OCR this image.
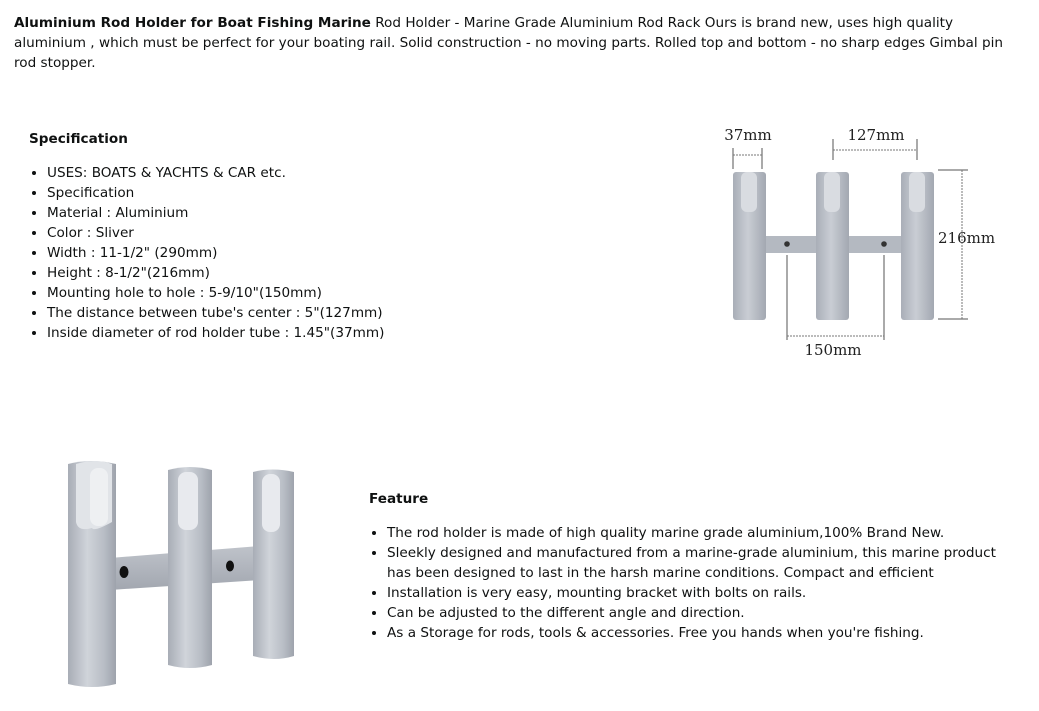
Aluminium Rod Holder for Boat Fishing Marine Rod Holder - Marine Grade Aluminium Rod Rack Ours is brand new, uses high quality aluminium , which must be perfect for your boating rail. Solid construction - no moving parts. Rolled top and bottom - no sharp edges Gimbal pin rod stopper.
Specification
• USES: BOATS & YACHTS & CAR etc.
• Specification
• Material : Aluminium
• Color : Sliver
• Width : 11-1/2" (290mm)
• Height : 8-1/2"(216mm)
• Mounting hole to hole : 5-9/10"(150mm)
• The distance between tube's center : 5"(127mm)
• Inside diameter of rod holder tube : 1.45"(37mm)
37mm	127mm
216mm
150mm
Feature
• The rod holder is made of high quality marine grade aluminium,100% Brand New.
• Sleekly designed and manufactured from a marine-grade aluminium, this marine product has been designed to last in the harsh marine conditions. Compact and efficient
• Installation is very easy, mounting bracket with bolts on rails.
• Can be adjusted to the different angle and direction.
• As a Storage for rods, tools & accessories. Free you hands when you're fishing.
